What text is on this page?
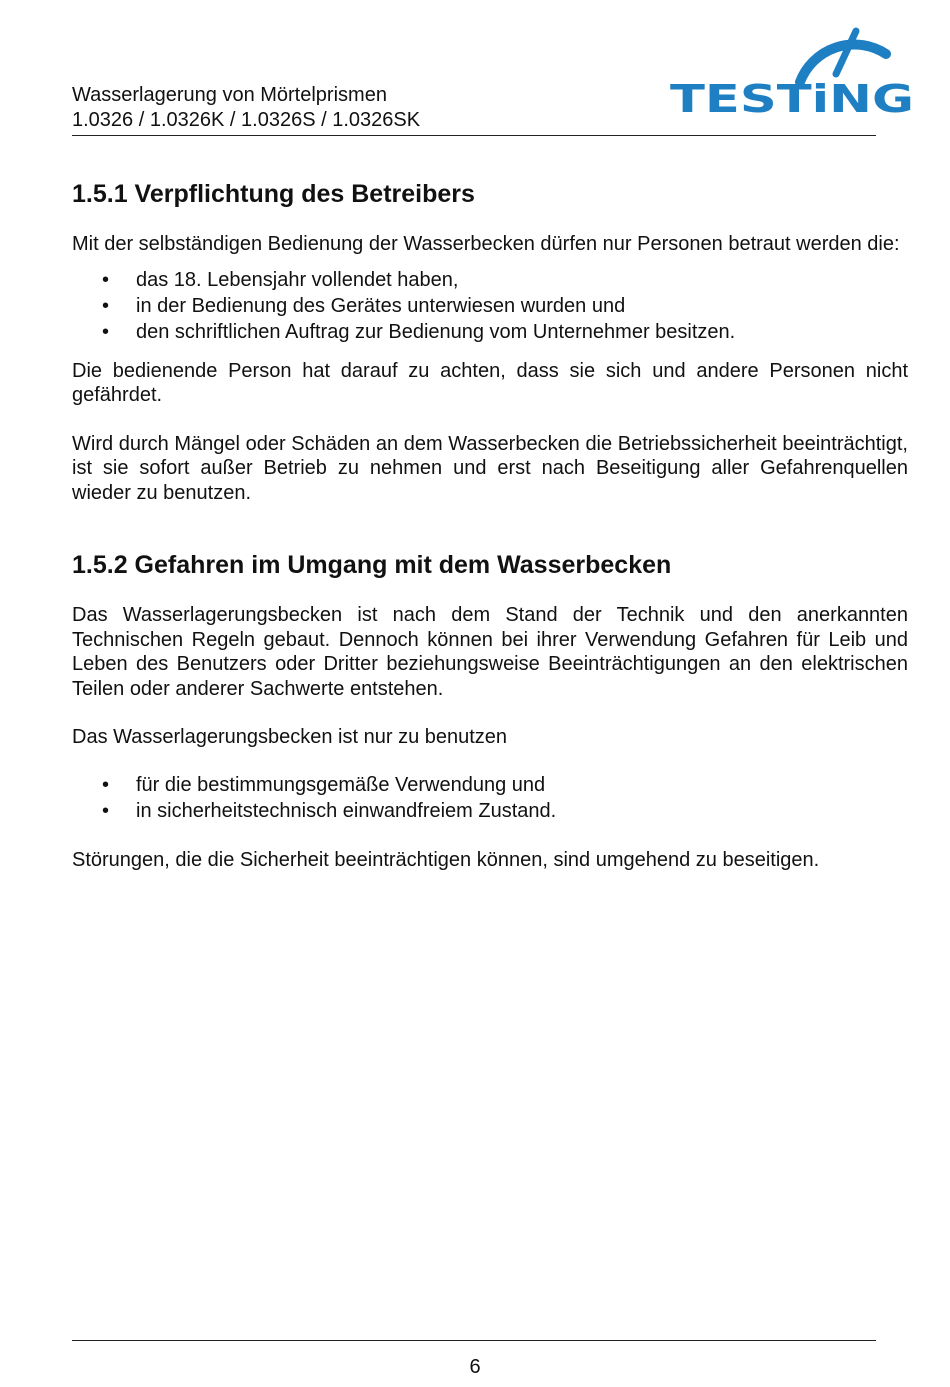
Wasserlagerung von Mörtelprismen

1.0326 / 1.0326K / 1.0326S / 1.0326SK	TESTiNG
1.5.1 Verpflichtung des Betreibers

Mit der selbständigen Bedienung der Wasserbecken dürfen nur Personen betraut werden die:

• das 18. Lebensjahr vollendet haben,
• in der Bedienung des Gerätes unterwiesen wurden und
• den schriftlichen Auftrag zur Bedienung vom Unternehmer besitzen.

Die bedienende Person hat darauf zu achten, dass sie sich und andere Personen nicht gefährdet.

Wird durch Mängel oder Schäden an dem Wasserbecken die Betriebssicherheit beeinträchtigt, ist sie sofort außer Betrieb zu nehmen und erst nach Beseitigung aller Gefahrenquellen wieder zu benutzen.

1.5.2 Gefahren im Umgang mit dem Wasserbecken

Das Wasserlagerungsbecken ist nach dem Stand der Technik und den anerkannten Technischen Regeln gebaut. Dennoch können bei ihrer Verwendung Gefahren für Leib und Leben des Benutzers oder Dritter beziehungsweise Beeinträchtigungen an den elektrischen Teilen oder anderer Sachwerte entstehen.

Das Wasserlagerungsbecken ist nur zu benutzen

• für die bestimmungsgemäße Verwendung und
• in sicherheitstechnisch einwandfreiem Zustand.

Störungen, die die Sicherheit beeinträchtigen können, sind umgehend zu beseitigen.

6
